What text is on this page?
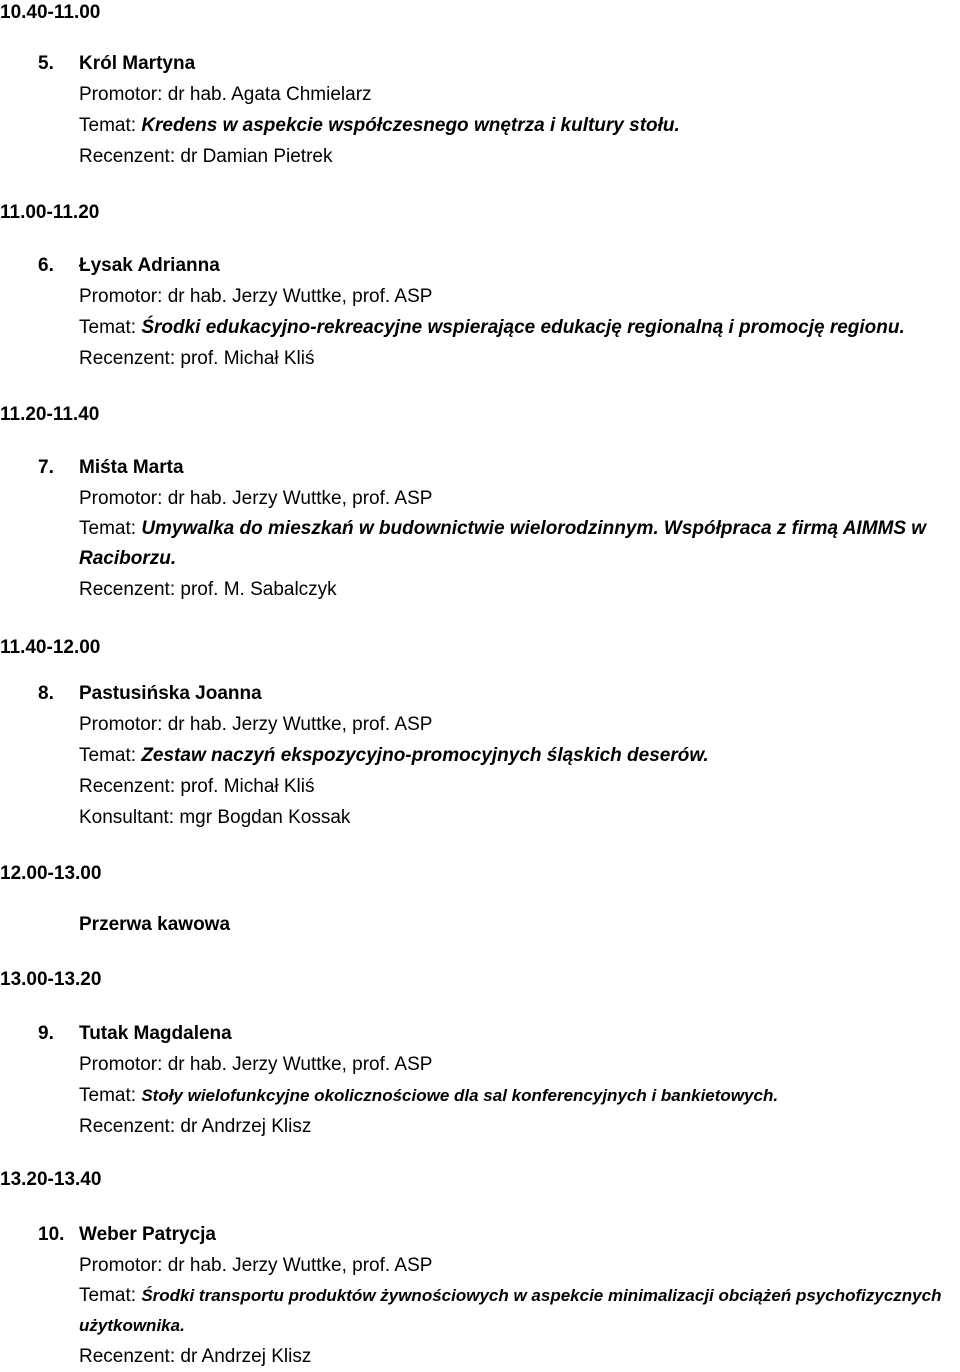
10.40-11.00
5.	Król Martyna
Promotor: dr hab. Agata Chmielarz
Temat: Kredens w aspekcie współczesnego wnętrza i kultury stołu.
Recenzent: dr Damian Pietrek
11.00-11.20
6.	Łysak Adrianna
Promotor: dr hab. Jerzy Wuttke, prof. ASP
Temat: Środki edukacyjno-rekreacyjne wspierające edukację regionalną i promocję regionu.
Recenzent: prof. Michał Kliś
11.20-11.40
7.	Miśta Marta
Promotor: dr hab. Jerzy Wuttke, prof. ASP
Temat: Umywalka do mieszkań w budownictwie wielorodzinnym. Współpraca z firmą AIMMS w Raciborzu.
Recenzent: prof. M. Sabalczyk
11.40-12.00
8.	Pastusińska Joanna
Promotor: dr hab. Jerzy Wuttke, prof. ASP
Temat: Zestaw naczyń ekspozycyjno-promocyjnych śląskich deserów.
Recenzent: prof. Michał Kliś
Konsultant: mgr Bogdan Kossak
12.00-13.00
Przerwa kawowa
13.00-13.20
9.	Tutak Magdalena
Promotor: dr hab. Jerzy Wuttke, prof. ASP
Temat: Stoły wielofunkcyjne okolicznościowe dla sal konferencyjnych i bankietowych.
Recenzent: dr Andrzej Klisz
13.20-13.40
10. Weber Patrycja
Promotor: dr hab. Jerzy Wuttke, prof. ASP
Temat: Środki transportu produktów żywnościowych w aspekcie minimalizacji obciążeń psychofizycznych użytkownika.
Recenzent: dr Andrzej Klisz
